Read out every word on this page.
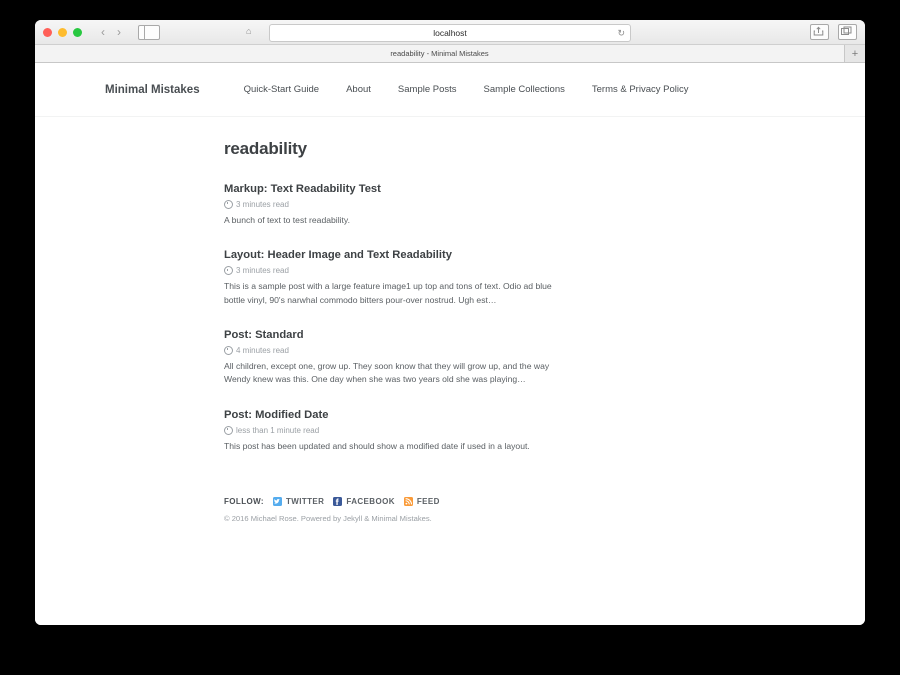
‹	›	⌂	localhost	↻
readability - Minimal Mistakes	+
Minimal Mistakes	Quick-Start Guide	About	Sample Posts	Sample Collections	Terms & Privacy Policy
readability
Markup: Text Readability Test
3 minutes read

A bunch of text to test readability.

Layout: Header Image and Text Readability
3 minutes read

This is a sample post with a large feature image1 up top and tons of text. Odio ad blue bottle vinyl, 90's narwhal commodo bitters pour-over nostrud. Ugh est…

Post: Standard
4 minutes read

All children, except one, grow up. They soon know that they will grow up, and the way Wendy knew was this. One day when she was two years old she was playing…

Post: Modified Date
less than 1 minute read

This post has been updated and should show a modified date if used in a layout.

FOLLOW:	TWITTER	FACEBOOK	FEED
© 2016 Michael Rose. Powered by Jekyll & Minimal Mistakes.
